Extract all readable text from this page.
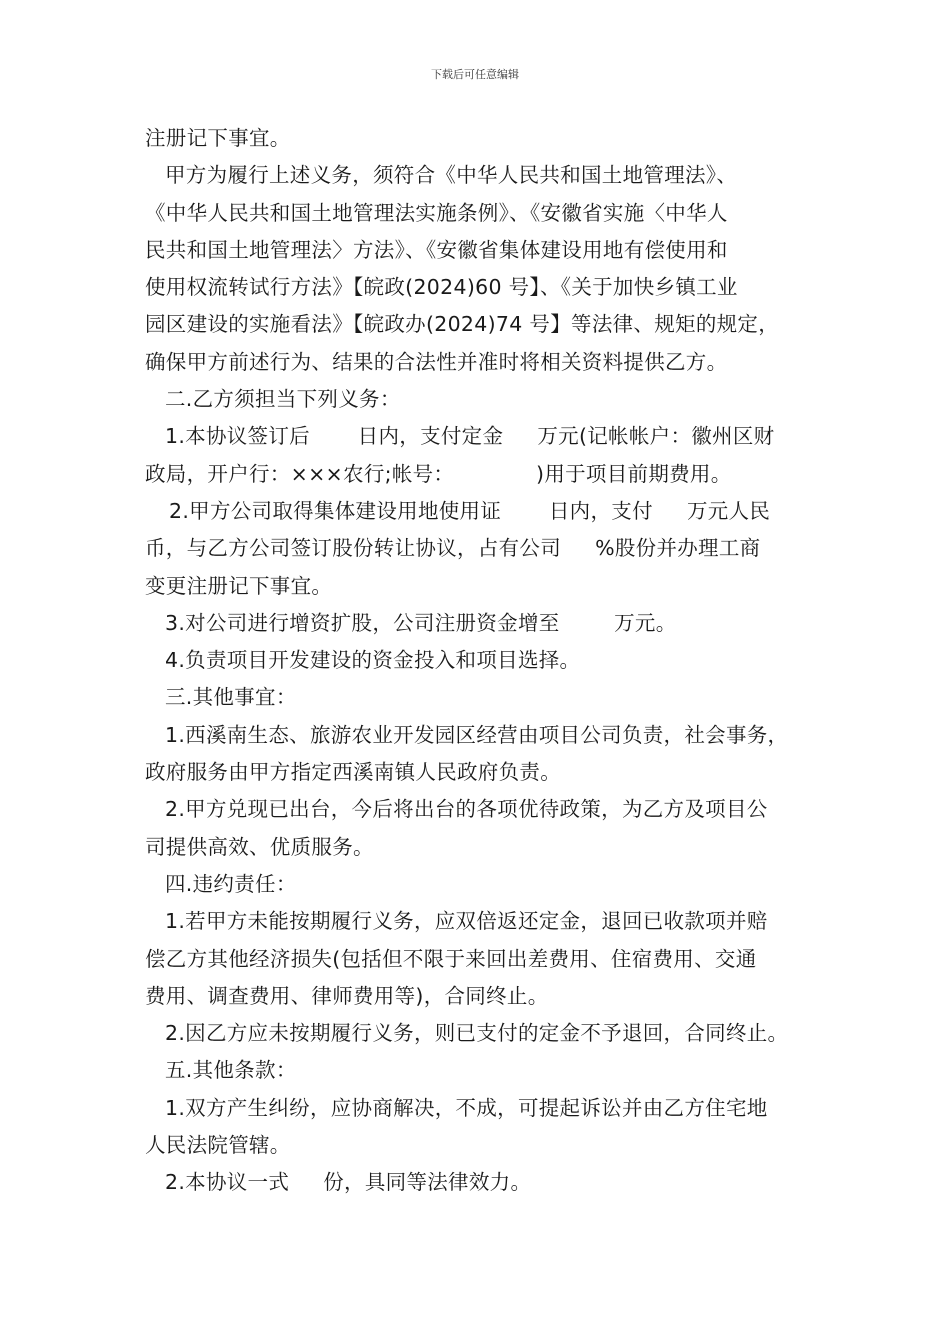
下载后可任意编辑
注册记下事宜。
甲方为履行上述义务，须符合《中华人民共和国土地管理法》、
《中华人民共和国土地管理法实施条例》、《安徽省实施〈中华人
民共和国土地管理法〉方法》、《安徽省集体建设用地有偿使用和
使用权流转试行方法》【皖政(2024)60 号】、《关于加快乡镇工业
园区建设的实施看法》【皖政办(2024)74 号】等法律、规矩的规定，
确保甲方前述行为、结果的合法性并准时将相关资料提供乙方。
二.乙方须担当下列义务：
1.本协议签订后       日内，支付定金     万元(记帐帐户：徽州区财
政局，开户行：×××农行;帐号：            )用于项目前期费用。
2.甲方公司取得集体建设用地使用证       日内，支付     万元人民
币，与乙方公司签订股份转让协议，占有公司     %股份并办理工商
变更注册记下事宜。
3.对公司进行增资扩股，公司注册资金增至        万元。
4.负责项目开发建设的资金投入和项目选择。
三.其他事宜：
1.西溪南生态、旅游农业开发园区经营由项目公司负责，社会事务，
政府服务由甲方指定西溪南镇人民政府负责。
2.甲方兑现已出台，今后将出台的各项优待政策，为乙方及项目公
司提供高效、优质服务。
四.违约责任：
1.若甲方未能按期履行义务，应双倍返还定金，退回已收款项并赔
偿乙方其他经济损失(包括但不限于来回出差费用、住宿费用、交通
费用、调查费用、律师费用等)，合同终止。
2.因乙方应未按期履行义务，则已支付的定金不予退回，合同终止。
五.其他条款：
1.双方产生纠纷，应协商解决，不成，可提起诉讼并由乙方住宅地
人民法院管辖。
2.本协议一式     份，具同等法律效力。
